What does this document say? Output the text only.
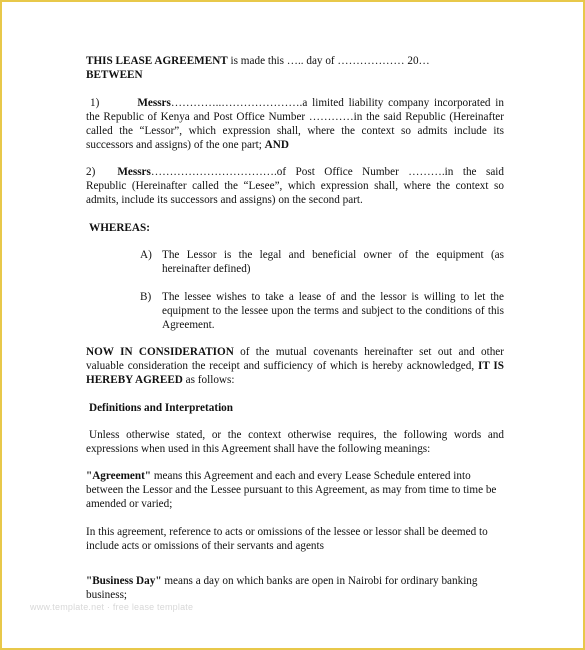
THIS LEASE AGREEMENT is made this ….. day of ……………… 20…
BETWEEN

1)	Messrs…………..………………….a limited liability company incorporated in the Republic of Kenya and Post Office Number …………in the said Republic (Hereinafter called the “Lessor”, which expression shall, where the context so admits include its successors and assigns) of the one part; AND

2) Messrs…………………………….of Post Office Number ……….in the said Republic (Hereinafter called the “Lesee”, which expression shall, where the context so admits, include its successors and assigns) on the second part.

WHEREAS:
A) The Lessor is the legal and beneficial owner of the equipment (as hereinafter defined)

B) The lessee wishes to take a lease of and the lessor is willing to let the equipment to the lessee upon the terms and subject to the conditions of this Agreement.

NOW IN CONSIDERATION of the mutual covenants hereinafter set out and other valuable consideration the receipt and sufficiency of which is hereby acknowledged, IT IS HEREBY AGREED as follows:

Definitions and Interpretation

Unless otherwise stated, or the context otherwise requires, the following words and expressions when used in this Agreement shall have the following meanings:

"Agreement" means this Agreement and each and every Lease Schedule entered into between the Lessor and the Lessee pursuant to this Agreement, as may from time to time be amended or varied;

In this agreement, reference to acts or omissions of the lessee or lessor shall be deemed to include acts or omissions of their servants and agents

"Business Day" means a day on which banks are open in Nairobi for ordinary banking business;

www.template.net · free lease template
